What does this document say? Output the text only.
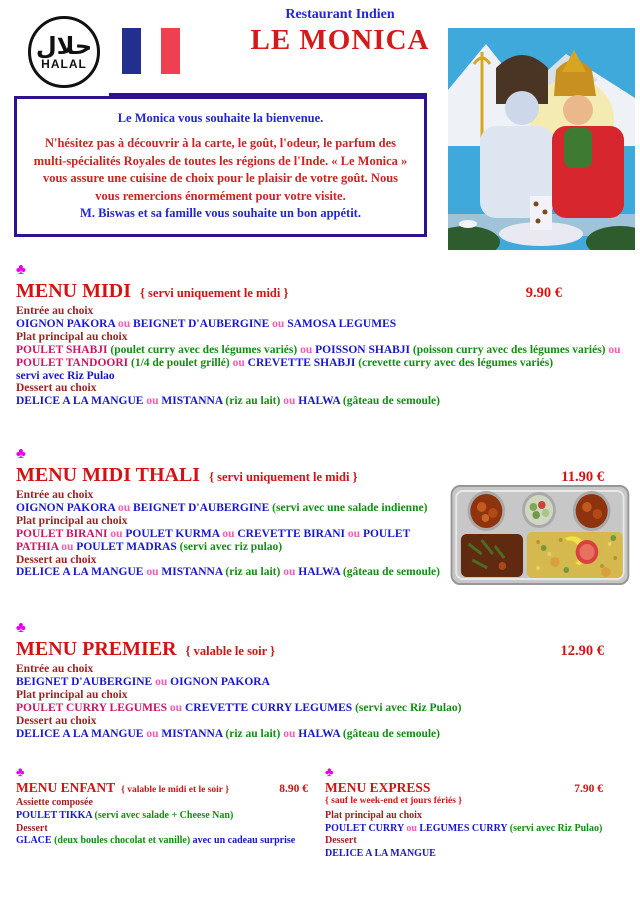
حلال
HALAL
Restaurant Indien
LE MONICA
Le Monica vous souhaite la bienvenue.
N'hésitez pas à découvrir à la carte, le goût, l'odeur, le parfum des multi-spécialités Royales de toutes les régions de l'Inde. « Le Monica » vous assure une cuisine de choix pour le plaisir de votre goût. Nous vous remercions énormément pour votre visite.
M. Biswas et sa famille vous souhaite un bon appétit.
♣
MENU MIDI { servi uniquement le midi }	9.90 €
Entrée au choix
OIGNON PAKORA ou BEIGNET D'AUBERGINE ou SAMOSA LEGUMES
Plat principal au choix
POULET SHABJI (poulet curry avec des légumes variés) ou POISSON SHABJI (poisson curry avec des légumes variés) ou
POULET TANDOORI (1/4 de poulet grillé) ou CREVETTE SHABJI (crevette curry avec des légumes variés)
servi avec Riz Pulao
Dessert au choix
DELICE A LA MANGUE ou MISTANNA (riz au lait) ou HALWA (gâteau de semoule)
♣
MENU MIDI THALI { servi uniquement le midi }	11.90 €
Entrée au choix
OIGNON PAKORA ou BEIGNET D'AUBERGINE (servi avec une salade indienne)
Plat principal au choix
POULET BIRANI ou POULET KURMA ou CREVETTE BIRANI ou POULET
PATHIA ou POULET MADRAS (servi avec riz pulao)
Dessert au choix
DELICE A LA MANGUE ou MISTANNA (riz au lait) ou HALWA (gâteau de semoule)
♣
MENU PREMIER { valable le soir }	12.90 €
Entrée au choix
BEIGNET D'AUBERGINE ou OIGNON PAKORA
Plat principal au choix
POULET CURRY LEGUMES ou CREVETTE CURRY LEGUMES (servi avec Riz Pulao)
Dessert au choix
DELICE A LA MANGUE ou MISTANNA (riz au lait) ou HALWA (gâteau de semoule)
♣
MENU ENFANT { valable le midi et le soir }	8.90 €
Assiette composée
POULET TIKKA (servi avec salade + Cheese Nan)
Dessert
GLACE (deux boules chocolat et vanille) avec un cadeau surprise
♣
MENU EXPRESS	7.90 €
{ sauf le week-end et jours fériés }
Plat principal au choix
POULET CURRY ou LEGUMES CURRY (servi avec Riz Pulao)
Dessert
DELICE A LA MANGUE
